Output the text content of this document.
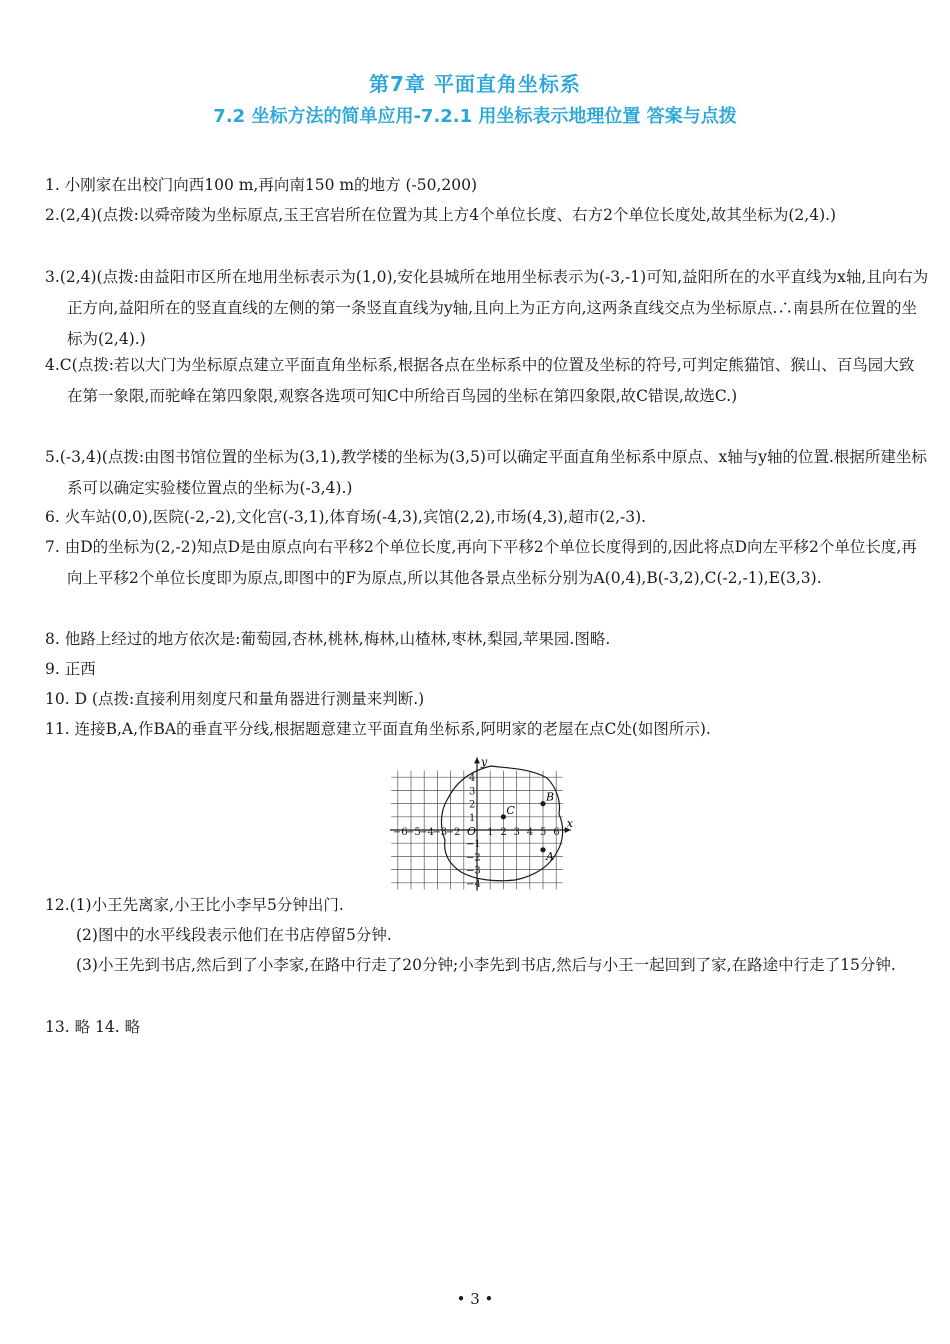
第7章 平面直角坐标系
7.2 坐标方法的简单应用-7.2.1 用坐标表示地理位置 答案与点拨

1. 小刚家在出校门向西100 m,再向南150 m的地方 (-50,200)

2.(2,4)(点拨:以舜帝陵为坐标原点,玉王宫岩所在位置为其上方4个单位长度、右方2个单位长度处,故其坐标为(2,4).)

3.(2,4)(点拨:由益阳市区所在地用坐标表示为(1,0),安化县城所在地用坐标表示为(-3,-1)可知,益阳所在的水平直线为x轴,且向右为正方向,益阳所在的竖直直线的左侧的第一条竖直直线为y轴,且向上为正方向,这两条直线交点为坐标原点.∴南县所在位置的坐标为(2,4).)

4.C(点拨:若以大门为坐标原点建立平面直角坐标系,根据各点在坐标系中的位置及坐标的符号,可判定熊猫馆、猴山、百鸟园大致在第一象限,而驼峰在第四象限,观察各选项可知C中所给百鸟园的坐标在第四象限,故C错误,故选C.)

5.(-3,4)(点拨:由图书馆位置的坐标为(3,1),教学楼的坐标为(3,5)可以确定平面直角坐标系中原点、x轴与y轴的位置.根据所建坐标系可以确定实验楼位置点的坐标为(-3,4).)

6. 火车站(0,0),医院(-2,-2),文化宫(-3,1),体育场(-4,3),宾馆(2,2),市场(4,3),超市(2,-3).

7. 由D的坐标为(2,-2)知点D是由原点向右平移2个单位长度,再向下平移2个单位长度得到的,因此将点D向左平移2个单位长度,再向上平移2个单位长度即为原点,即图中的F为原点,所以其他各景点坐标分别为A(0,4),B(-3,2),C(-2,-1),E(3,3).

8. 他路上经过的地方依次是:葡萄园,杏林,桃林,梅林,山楂林,枣林,梨园,苹果园.图略.

9. 正西

10. D (点拨:直接利用刻度尺和量角器进行测量来判断.)

11. 连接B,A,作BA的垂直平分线,根据题意建立平面直角坐标系,阿明家的老屋在点C处(如图所示).

x
y
O
−6
−5
−4
−3
−2	1 2 3 4 5 6
−4
−3
−2
−1
1
2
3
4
C
B
A

12.(1)小王先离家,小王比小李早5分钟出门.

(2)图中的水平线段表示他们在书店停留5分钟.

(3)小王先到书店,然后到了小李家,在路中行走了20分钟;小李先到书店,然后与小王一起回到了家,在路途中行走了15分钟.

13. 略 14. 略

• 3 •
